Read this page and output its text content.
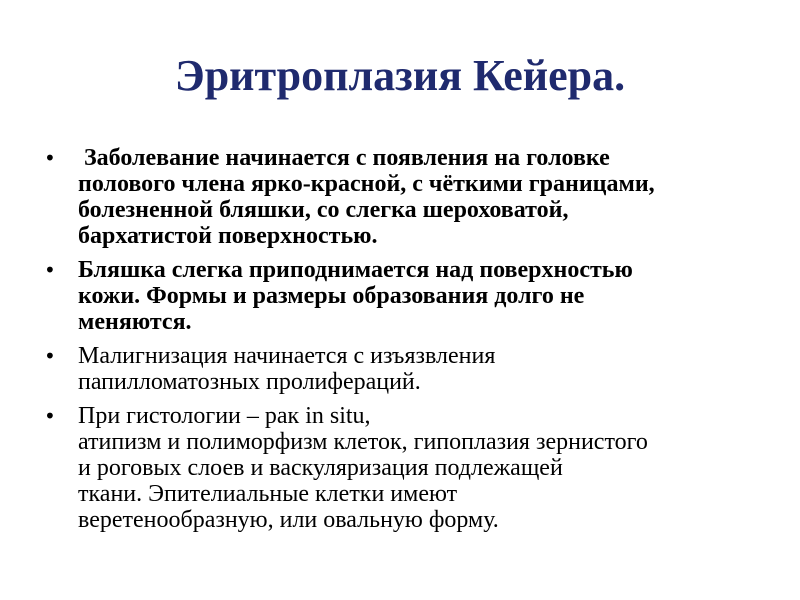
Эритроплазия Кейера.
• Заболевание начинается с появления на головке
полового члена ярко-красной, с чёткими границами,
болезненной бляшки, со слегка шероховатой,
бархатистой поверхностью.
• Бляшка слегка приподнимается над поверхностью
кожи. Формы и размеры образования долго не
меняются.
• Малигнизация начинается с изъязвления
папилломатозных пролифераций.
• При гистологии – рак in situ,
атипизм и полиморфизм клеток, гипоплазия зернистого
и роговых слоев и васкуляризация подлежащей
ткани. Эпителиальные клетки имеют
веретенообразную, или овальную форму.
